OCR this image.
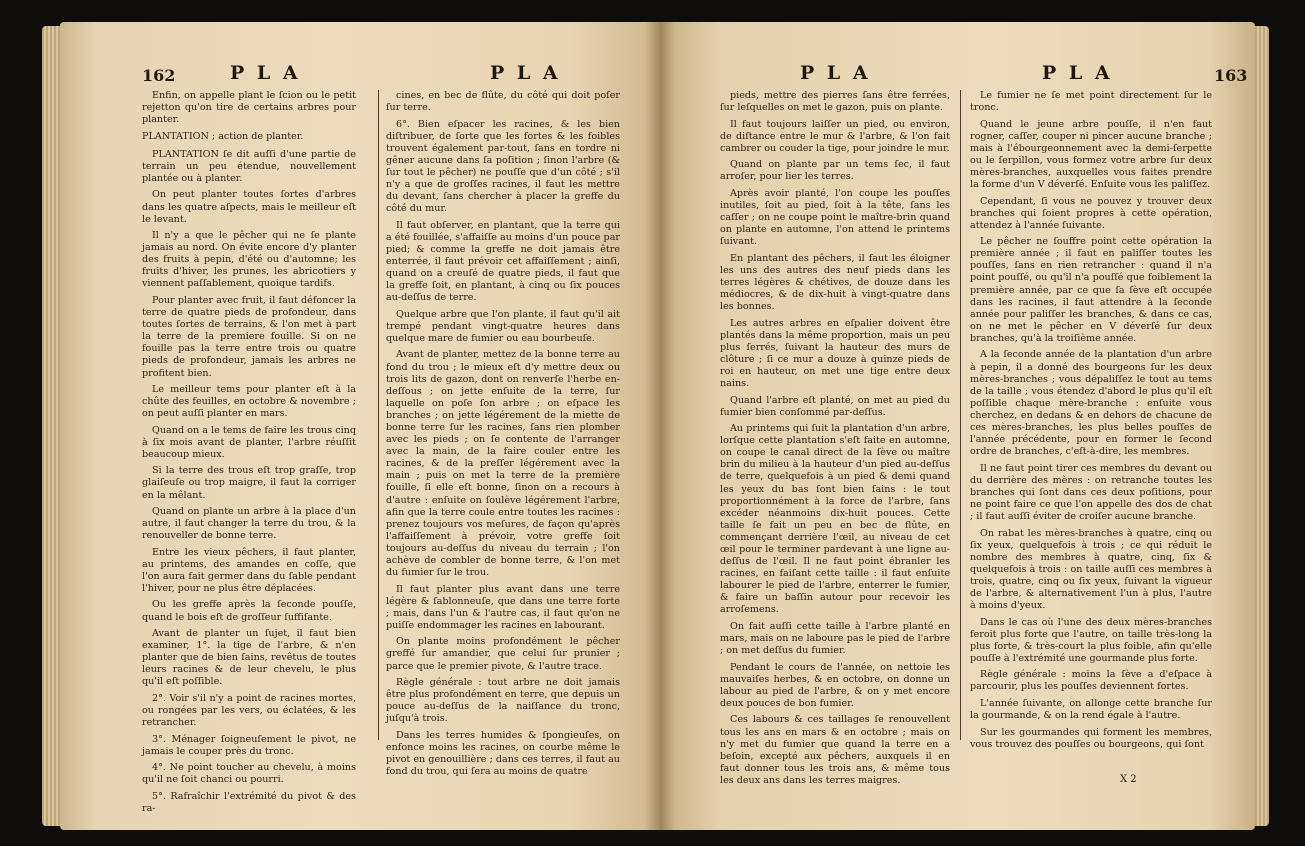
162	P L A	P L A

Enfin, on appelle plant le ſcion ou le petit rejetton qu'on tire de certains arbres pour planter.

PLANTATION ; action de planter.

PLANTATION ſe dit auſſi d'une partie de terrain un peu étendue, nouvellement plantée ou à planter.

On peut planter toutes ſortes d'arbres dans les quatre aſpects, mais le meilleur eſt le levant.

Il n'y a que le pêcher qui ne ſe plante jamais au nord. On évite encore d'y planter des fruits à pepin, d'été ou d'automne; les fruits d'hiver, les prunes, les abricotiers y viennent paſſablement, quoique tardifs.

Pour planter avec fruit, il faut défoncer la terre de quatre pieds de profondeur, dans toutes ſortes de terrains, & l'on met à part la terre de la premiere fouille. Si on ne fouille pas la terre entre trois ou quatre pieds de profondeur, jamais les arbres ne profitent bien.

Le meilleur tems pour planter eſt à la chûte des feuilles, en octobre & novembre ; on peut auſſi planter en mars.

Quand on a le tems de faire les trous cinq à ſix mois avant de planter, l'arbre réuſſit beaucoup mieux.

Si la terre des trous eſt trop graſſe, trop glaiſeuſe ou trop maigre, il faut la corriger en la mêlant.

Quand on plante un arbre à la place d'un autre, il faut changer la terre du trou, & la renouveller de bonne terre.

Entre les vieux pêchers, il faut planter, au printems, des amandes en coſſe, que l'on aura fait germer dans du ſable pendant l'hiver, pour ne plus être déplacées.

Ou les greffe après la ſeconde pouſſe, quand le bois eſt de groſſeur ſuffiſante.

Avant de planter un ſujet, il faut bien examiner, 1°. la tige de l'arbre, & n'en planter que de bien ſains, revêtus de toutes leurs racines & de leur chevelu, le plus qu'il eſt poſſible.

2°. Voir s'il n'y a point de racines mortes, ou rongées par les vers, ou éclatées, & les retrancher.

3°. Ménager ſoigneuſement le pivot, ne jamais le couper près du tronc.

4°. Ne point toucher au chevelu, à moins qu'il ne ſoit chanci ou pourri.

5°. Rafraîchir l'extrémité du pivot & des ra-

cines, en bec de flûte, du côté qui doit poſer ſur terre.

6°. Bien eſpacer les racines, & les bien diſtribuer, de ſorte que les fortes & les foibles trouvent également par-tout, ſans en tordre ni gêner aucune dans ſa poſition ; ſinon l'arbre (& ſur tout le pêcher) ne pouſſe que d'un côté ; s'il n'y a que de groſſes racines, il faut les mettre du devant, ſans chercher à placer la greffe du côté du mur.

Il faut obſerver, en plantant, que la terre qui a été fouillée, s'affaiſſe au moins d'un pouce par pied; & comme la greffe ne doit jamais être enterrée, il faut prévoir cet affaiſſement ; ainſi, quand on a creuſé de quatre pieds, il faut que la greffe ſoit, en plantant, à cinq ou ſix pouces au-deſſus de terre.

Quelque arbre que l'on plante, il faut qu'il ait trempé pendant vingt-quatre heures dans quelque mare de fumier ou eau bourbeuſe.

Avant de planter, mettez de la bonne terre au fond du trou ; le mieux eſt d'y mettre deux ou trois lits de gazon, dont on renverſe l'herbe en-deſſous ; on jette enſuite de la terre, ſur laquelle on poſe ſon arbre ; on eſpace les branches ; on jette légérement de la miette de bonne terre ſur les racines, ſans rien plomber avec les pieds ; on ſe contente de l'arranger avec la main, de la faire couler entre les racines, & de la preſſer légérement avec la main ; puis on met la terre de la première fouille, ſi elle eſt bonne, ſinon on a recours à d'autre : enſuite on ſoulève légérement l'arbre, afin que la terre coule entre toutes les racines : prenez toujours vos meſures, de façon qu'après l'affaiſſement à prévoir, votre greffe ſoit toujours au-deſſus du niveau du terrain ; l'on achève de combler de bonne terre, & l'on met du fumier ſur le trou.

Il faut planter plus avant dans une terre légère & ſablonneuſe, que dans une terre forte ; mais, dans l'un & l'autre cas, il faut qu'on ne puiſſe endommager les racines en labourant.

On plante moins profondément le pêcher greffé ſur amandier, que celui ſur prunier ; parce que le premier pivote, & l'autre trace.

Règle générale : tout arbre ne doit jamais être plus profondément en terre, que depuis un pouce au-deſſus de la naiſſance du tronc, juſqu'à trois.

Dans les terres humides & ſpongieuſes, on enfonce moins les racines, on courbe même le pivot en genouillière ; dans ces terres, il faut au fond du trou, qui ſera au moins de quatre

P L A	P L A	163

pieds, mettre des pierres ſans être ferrées, ſur leſquelles on met le gazon, puis on plante.

Il faut toujours laiſſer un pied, ou environ, de diſtance entre le mur & l'arbre, & l'on fait cambrer ou couder la tige, pour joindre le mur.

Quand on plante par un tems ſec, il faut arroſer, pour lier les terres.

Après avoir planté, l'on coupe les pouſſes inutiles, ſoit au pied, ſoit à la tête, ſans les caſſer ; on ne coupe point le maître-brin quand on plante en automne, l'on attend le printems ſuivant.

En plantant des pêchers, il faut les éloigner les uns des autres des neuf pieds dans les terres légères & chétives, de douze dans les médiocres, & de dix-huit à vingt-quatre dans les bonnes.

Les autres arbres en eſpalier doivent être plantés dans la même proportion, mais un peu plus ſerrés, ſuivant la hauteur des murs de clôture ; ſi ce mur a douze à quinze pieds de roi en hauteur, on met une tige entre deux nains.

Quand l'arbre eſt planté, on met au pied du fumier bien conſommé par-deſſus.

Au printems qui ſuit la plantation d'un arbre, lorſque cette plantation s'eſt faite en automne, on coupe le canal direct de la ſève ou maître brin du milieu à la hauteur d'un pied au-deſſus de terre, quelquefois à un pied & demi quand les yeux du bas ſont bien ſains : le tout proportionnément à la force de l'arbre, ſans excéder néanmoins dix-huit pouces. Cette taille ſe fait un peu en bec de flûte, en commençant derrière l'œil, au niveau de cet œil pour le terminer pardevant à une ligne au-deſſus de l'œil. Il ne faut point ébranler les racines, en faiſant cette taille : il faut enſuite labourer le pied de l'arbre, enterrer le fumier, & faire un baſſin autour pour recevoir les arroſemens.

On fait auſſi cette taille à l'arbre planté en mars, mais on ne laboure pas le pied de l'arbre ; on met deſſus du fumier.

Pendant le cours de l'année, on nettoie les mauvaiſes herbes, & en octobre, on donne un labour au pied de l'arbre, & on y met encore deux pouces de bon fumier.

Ces labours & ces taillages ſe renouvellent tous les ans en mars & en octobre ; mais on n'y met du fumier que quand la terre en a beſoin, excepté aux pêchers, auxquels il en faut donner tous les trois ans, & même tous les deux ans dans les terres maigres.

Le fumier ne ſe met point directement ſur le tronc.

Quand le jeune arbre pouſſe, il n'en faut rogner, caſſer, couper ni pincer aucune branche ; mais à l'ébourgeonnement avec la demi-ſerpette ou le ſerpillon, vous formez votre arbre ſur deux mères-branches, auxquelles vous faites prendre la forme d'un V déverſé. Enſuite vous les paliſſez.

Cependant, ſi vous ne pouvez y trouver deux branches qui ſoient propres à cette opération, attendez à l'année ſuivante.

Le pêcher ne ſouffre point cette opération la première année ; il faut en paliſſer toutes les pouſſes, ſans en rien retrancher : quand il n'a point pouſſé, ou qu'il n'a pouſſé que foiblement la première année, par ce que ſa ſève eſt occupée dans les racines, il faut attendre à la ſeconde année pour paliſſer les branches, & dans ce cas, on ne met le pêcher en V déverſé ſur deux branches, qu'à la troiſième année.

A la ſeconde année de la plantation d'un arbre à pepin, il a donné des bourgeons ſur les deux mères-branches ; vous dépaliſſez le tout au tems de la taille ; vous étendez d'abord le plus qu'il eſt poſſible chaque mère-branche : enſuite vous cherchez, en dedans & en dehors de chacune de ces mères-branches, les plus belles pouſſes de l'année précédente, pour en former le ſecond ordre de branches, c'eſt-à-dire, les membres.

Il ne faut point tirer ces membres du devant ou du derrière des mères : on retranche toutes les branches qui ſont dans ces deux poſitions, pour ne point faire ce que l'on appelle des dos de chat ; il faut auſſi éviter de croiſer aucune branche.

On rabat les mères-branches à quatre, cinq ou ſix yeux, quelquefois à trois ; ce qui réduit le nombre des membres à quatre, cinq, ſix & quelquefois à trois : on taille auſſi ces membres à trois, quatre, cinq ou ſix yeux, ſuivant la vigueur de l'arbre, & alternativement l'un à plus, l'autre à moins d'yeux.

Dans le cas où l'une des deux mères-branches feroit plus forte que l'autre, on taille très-long la plus forte, & très-court la plus foible, afin qu'elle pouſſe à l'extrémité une gourmande plus forte.

Règle générale : moins la ſève a d'eſpace à parcourir, plus les pouſſes deviennent fortes.

L'année ſuivante, on allonge cette branche ſur la gourmande, & on la rend égale à l'autre.

Sur les gourmandes qui forment les membres, vous trouvez des pouſſes ou bourgeons, qui ſont

X 2
